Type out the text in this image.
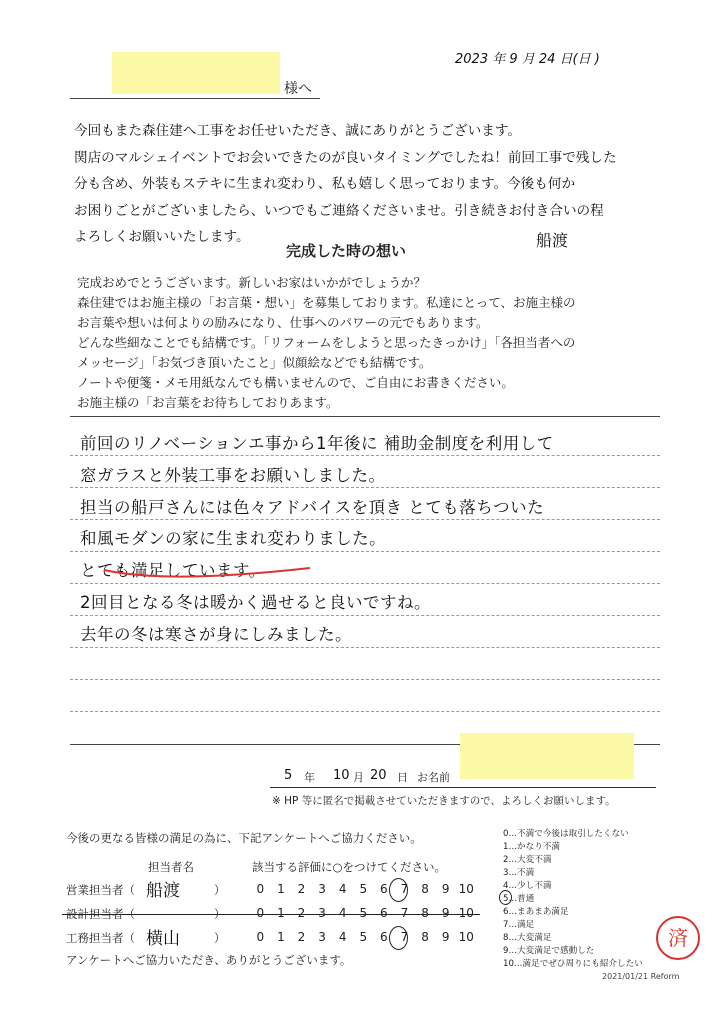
2023 年 9 月 24 日(日 )
様へ
今回もまた森住建へ工事をお任せいただき、誠にありがとうございます。
関店のマルシェイベントでお会いできたのが良いタイミングでしたね！前回工事で残した
分も含め、外装もステキに生まれ変わり、私も嬉しく思っております。今後も何か
お困りごとがございましたら、いつでもご連絡くださいませ。引き続きお付き合いの程
よろしくお願いいたします。	船渡
完成した時の想い
完成おめでとうございます。新しいお家はいかがでしょうか？
森住建ではお施主様の「お言葉・想い」を募集しております。私達にとって、お施主様の
お言葉や想いは何よりの励みになり、仕事へのパワーの元でもあります。
どんな些細なことでも結構です。「リフォームをしようと思ったきっかけ」「各担当者への
メッセージ」「お気づき頂いたこと」似顔絵などでも結構です。
ノートや便箋・メモ用紙なんでも構いませんので、ご自由にお書きください。
お施主様の「お言葉をお待ちしておりあます。
前回のリノベーションエ事から1年後に 補助金制度を利用して
窓ガラスと外装工事をお願いしました。
担当の船戸さんには色々アドバイスを頂き とても落ちついた
和風モダンの家に生まれ変わりました。
とても満足しています。
2回目となる冬は暖かく過せると良いですね。
去年の冬は寒さが身にしみました。
5 年 10 月 20 日 お名前
※ HP 等に匿名で掲載させていただきますので、よろしくお願いします。
今後の更なる皆様の満足の為に、下記アンケートへご協力ください。
担当者名	該当する評価に○をつけてください。
営業担当者（ 船渡	）	0 1 2 3 4 5 6 7 8 9 10
設計担当者（	）	0 1 2 3 4 5 6 7 8 9 10
工務担当者（ 横山	）	0 1 2 3 4 5 6 7 8 9 10
アンケートへご協力いただき、ありがとうございます。
0…不満で今後は取引したくない
1…かなり不満
2…大変不満
3…不満
4…少し不満
5…普通
6…まあまあ満足
7…満足
8…大変満足
9…大変満足で感動した
10…満足でぜひ周りにも紹介したい
済
2021/01/21 Reform
